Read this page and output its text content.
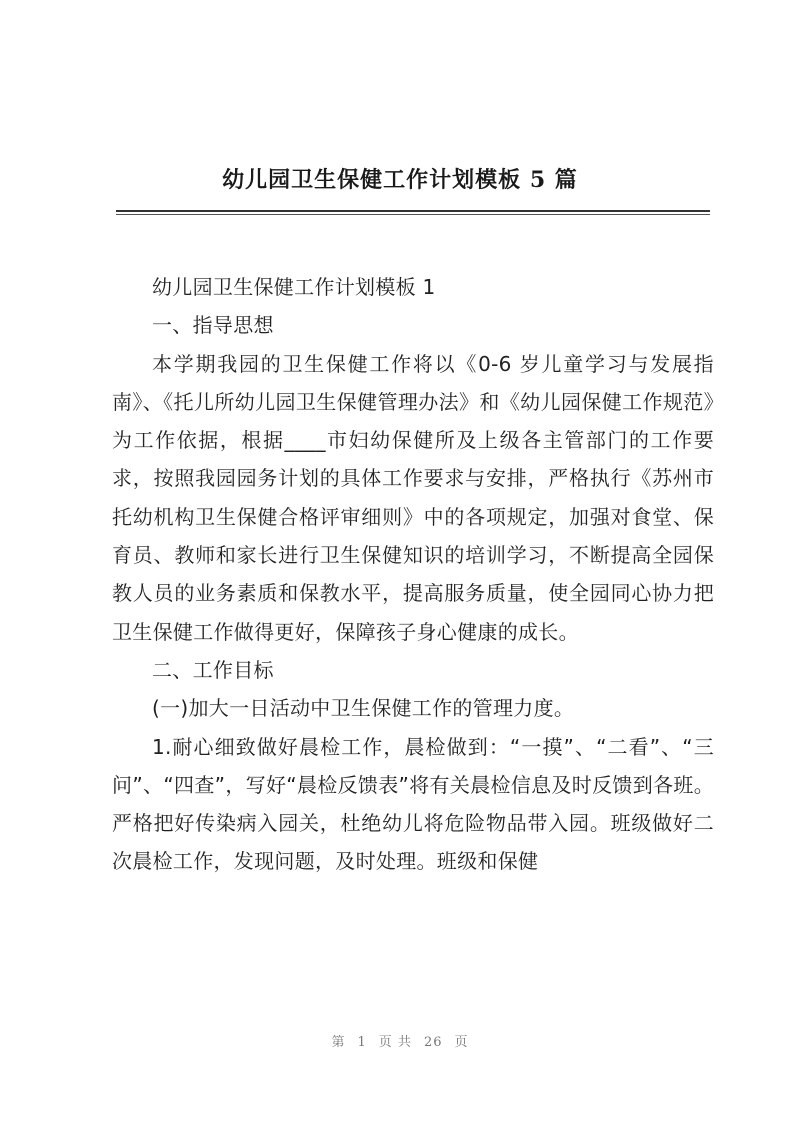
幼儿园卫生保健工作计划模板 5 篇

幼儿园卫生保健工作计划模板 1

一、指导思想

本学期我园的卫生保健工作将以《0-6 岁儿童学习与发展指南》、《托儿所幼儿园卫生保健管理办法》和《幼儿园保健工作规范》为工作依据，根据____市妇幼保健所及上级各主管部门的工作要求，按照我园园务计划的具体工作要求与安排，严格执行《苏州市托幼机构卫生保健合格评审细则》中的各项规定，加强对食堂、保育员、教师和家长进行卫生保健知识的培训学习，不断提高全园保教人员的业务素质和保教水平，提高服务质量，使全园同心协力把卫生保健工作做得更好，保障孩子身心健康的成长。

二、工作目标

(一)加大一日活动中卫生保健工作的管理力度。

1.耐心细致做好晨检工作，晨检做到：“一摸”、“二看”、“三问”、“四查”，写好“晨检反馈表”将有关晨检信息及时反馈到各班。严格把好传染病入园关，杜绝幼儿将危险物品带入园。班级做好二次晨检工作，发现问题，及时处理。班级和保健

第 1 页 共 26 页
